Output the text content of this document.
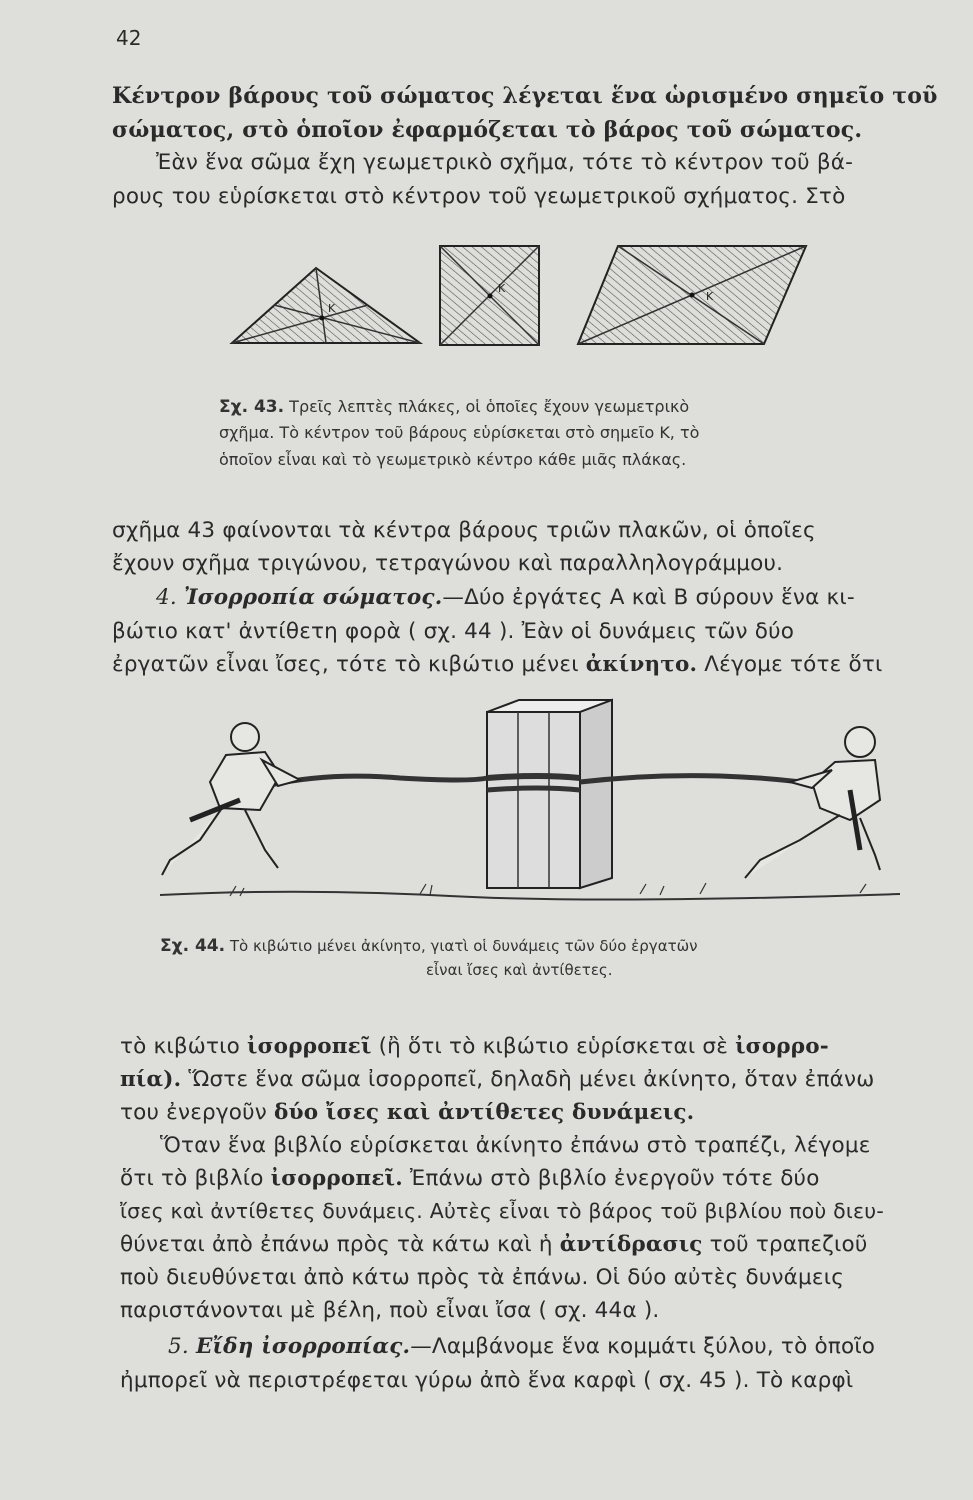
42
Κέντρον βάρους τοῦ σώματος λέγεται ἕνα ὡρισμένο σημεῖο τοῦ
σώματος, στὸ ὁποῖον ἐφαρμόζεται τὸ βάρος τοῦ σώματος.
Ἐὰν ἕνα σῶμα ἔχη γεωμετρικὸ σχῆμα, τότε τὸ κέντρον τοῦ βά-
ρους του εὑρίσκεται στὸ κέντρον τοῦ γεωμετρικοῦ σχήματος. Στὸ
K
K
K
Σχ. 43. Τρεῖς λεπτὲς πλάκες, οἱ ὁποῖες ἔχουν γεωμετρικὸ
σχῆμα. Τὸ κέντρον τοῦ βάρους εὑρίσκεται στὸ σημεῖο Κ, τὸ
ὁποῖον εἶναι καὶ τὸ γεωμετρικὸ κέντρο κάθε μιᾶς πλάκας.
σχῆμα 43 φαίνονται τὰ κέντρα βάρους τριῶν πλακῶν, οἱ ὁποῖες
ἔχουν σχῆμα τριγώνου, τετραγώνου καὶ παραλληλογράμμου.
4. Ἰσορροπία σώματος.—Δύο ἐργάτες Α καὶ Β σύρουν ἕνα κι-
βώτιο κατ' ἀντίθετη φορὰ ( σχ. 44 ). Ἐὰν οἱ δυνάμεις τῶν δύο
ἐργατῶν εἶναι ἴσες, τότε τὸ κιβώτιο μένει ἀκίνητο. Λέγομε τότε ὅτι
Σχ. 44. Τὸ κιβώτιο μένει ἀκίνητο, γιατὶ οἱ δυνάμεις τῶν δύο ἐργατῶν
εἶναι ἴσες καὶ ἀντίθετες.
τὸ κιβώτιο ἰσορροπεῖ (ἢ ὅτι τὸ κιβώτιο εὑρίσκεται σὲ ἰσορρο-
πία). Ὥστε ἕνα σῶμα ἰσορροπεῖ, δηλαδὴ μένει ἀκίνητο, ὅταν ἐπάνω
του ἐνεργοῦν δύο ἴσες καὶ ἀντίθετες δυνάμεις.
Ὅταν ἕνα βιβλίο εὑρίσκεται ἀκίνητο ἐπάνω στὸ τραπέζι, λέγομε
ὅτι τὸ βιβλίο ἰσορροπεῖ. Ἐπάνω στὸ βιβλίο ἐνεργοῦν τότε δύο
ἴσες καὶ ἀντίθετες δυνάμεις. Αὐτὲς εἶναι τὸ βάρος τοῦ βιβλίου ποὺ διευ-
θύνεται ἀπὸ ἐπάνω πρὸς τὰ κάτω καὶ ἡ ἀντίδρασις τοῦ τραπεζιοῦ
ποὺ διευθύνεται ἀπὸ κάτω πρὸς τὰ ἐπάνω. Οἱ δύο αὐτὲς δυνάμεις
παριστάνονται μὲ βέλη, ποὺ εἶναι ἴσα ( σχ. 44α ).
5. Εἴδη ἰσορροπίας.—Λαμβάνομε ἕνα κομμάτι ξύλου, τὸ ὁποῖο
ἠμπορεῖ νὰ περιστρέφεται γύρω ἀπὸ ἕνα καρφὶ ( σχ. 45 ). Τὸ καρφὶ
